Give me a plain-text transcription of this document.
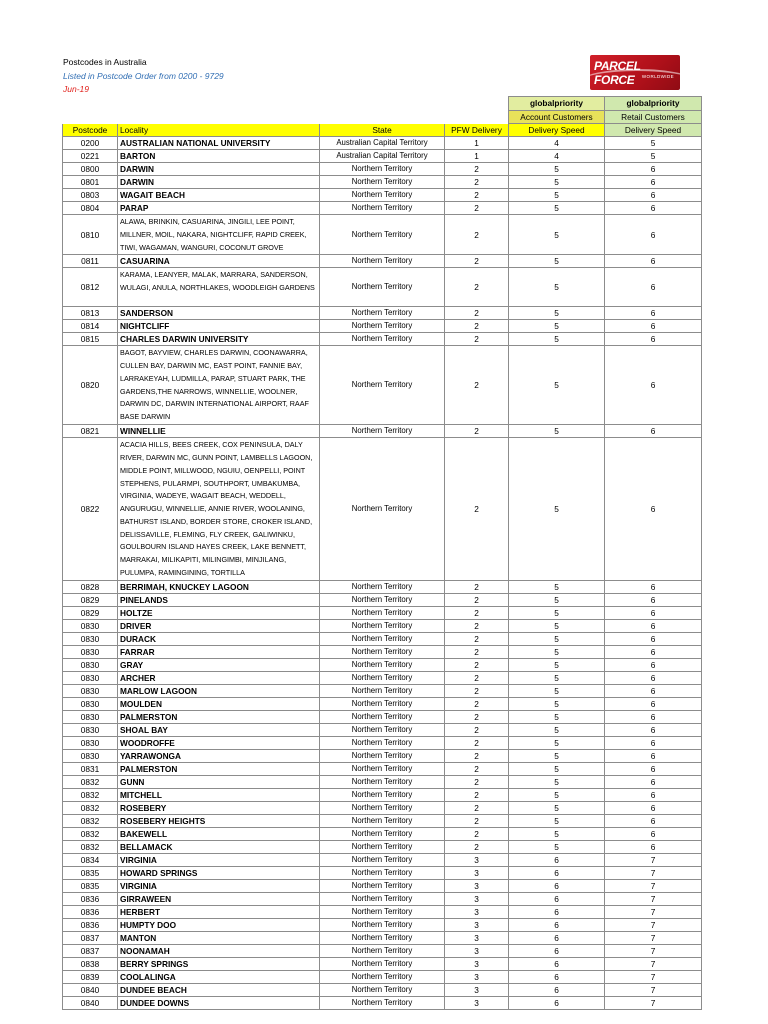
Postcodes in Australia
Listed in Postcode Order from 0200 - 9729
Jun-19
PARCEL FORCE	WORLDWIDE
				globalpriority	globalpriority
				Account Customers	Retail Customers
Postcode	Locality	State	PFW Delivery	Delivery Speed	Delivery Speed
0200	AUSTRALIAN NATIONAL UNIVERSITY	Australian Capital Territory	1	4	5
0221	BARTON	Australian Capital Territory	1	4	5
0800	DARWIN	Northern Territory	2	5	6
0801	DARWIN	Northern Territory	2	5	6
0803	WAGAIT BEACH	Northern Territory	2	5	6
0804	PARAP	Northern Territory	2	5	6
0810	ALAWA, BRINKIN, CASUARINA, JINGILI, LEE POINT, MILLNER, MOIL, NAKARA, NIGHTCLIFF, RAPID CREEK, TIWI, WAGAMAN, WANGURI, COCONUT GROVE	Northern Territory	2	5	6
0811	CASUARINA	Northern Territory	2	5	6
0812	KARAMA, LEANYER, MALAK, MARRARA, SANDERSON, WULAGI, ANULA, NORTHLAKES, WOODLEIGH GARDENS	Northern Territory	2	5	6
0813	SANDERSON	Northern Territory	2	5	6
0814	NIGHTCLIFF	Northern Territory	2	5	6
0815	CHARLES DARWIN UNIVERSITY	Northern Territory	2	5	6
0820	BAGOT, BAYVIEW, CHARLES DARWIN, COONAWARRA, CULLEN BAY, DARWIN MC, EAST POINT, FANNIE BAY, LARRAKEYAH, LUDMILLA, PARAP, STUART PARK, THE GARDENS,THE NARROWS, WINNELLIE, WOOLNER, DARWIN DC, DARWIN INTERNATIONAL AIRPORT, RAAF BASE DARWIN	Northern Territory	2	5	6
0821	WINNELLIE	Northern Territory	2	5	6
0822	ACACIA HILLS, BEES CREEK, COX PENINSULA, DALY RIVER, DARWIN MC, GUNN POINT, LAMBELLS LAGOON, MIDDLE POINT, MILLWOOD, NGUIU, OENPELLI, POINT STEPHENS, PULARMPI, SOUTHPORT, UMBAKUMBA, VIRGINIA, WADEYE, WAGAIT BEACH, WEDDELL, ANGURUGU, WINNELLIE, ANNIE RIVER, WOOLANING, BATHURST ISLAND, BORDER STORE, CROKER ISLAND, DELISSAVILLE, FLEMING, FLY CREEK, GALIWINKU, GOULBOURN ISLAND HAYES CREEK, LAKE BENNETT, MARRAKAI, MILIKAPITI, MILINGIMBI, MINJILANG, PULUMPA, RAMINGINING, TORTILLA	Northern Territory	2	5	6
0828	BERRIMAH, KNUCKEY LAGOON	Northern Territory	2	5	6
0829	PINELANDS	Northern Territory	2	5	6
0829	HOLTZE	Northern Territory	2	5	6
0830	DRIVER	Northern Territory	2	5	6
0830	DURACK	Northern Territory	2	5	6
0830	FARRAR	Northern Territory	2	5	6
0830	GRAY	Northern Territory	2	5	6
0830	ARCHER	Northern Territory	2	5	6
0830	MARLOW LAGOON	Northern Territory	2	5	6
0830	MOULDEN	Northern Territory	2	5	6
0830	PALMERSTON	Northern Territory	2	5	6
0830	SHOAL BAY	Northern Territory	2	5	6
0830	WOODROFFE	Northern Territory	2	5	6
0830	YARRAWONGA	Northern Territory	2	5	6
0831	PALMERSTON	Northern Territory	2	5	6
0832	GUNN	Northern Territory	2	5	6
0832	MITCHELL	Northern Territory	2	5	6
0832	ROSEBERY	Northern Territory	2	5	6
0832	ROSEBERY HEIGHTS	Northern Territory	2	5	6
0832	BAKEWELL	Northern Territory	2	5	6
0832	BELLAMACK	Northern Territory	2	5	6
0834	VIRGINIA	Northern Territory	3	6	7
0835	HOWARD SPRINGS	Northern Territory	3	6	7
0835	VIRGINIA	Northern Territory	3	6	7
0836	GIRRAWEEN	Northern Territory	3	6	7
0836	HERBERT	Northern Territory	3	6	7
0836	HUMPTY DOO	Northern Territory	3	6	7
0837	MANTON	Northern Territory	3	6	7
0837	NOONAMAH	Northern Territory	3	6	7
0838	BERRY SPRINGS	Northern Territory	3	6	7
0839	COOLALINGA	Northern Territory	3	6	7
0840	DUNDEE BEACH	Northern Territory	3	6	7
0840	DUNDEE DOWNS	Northern Territory	3	6	7
